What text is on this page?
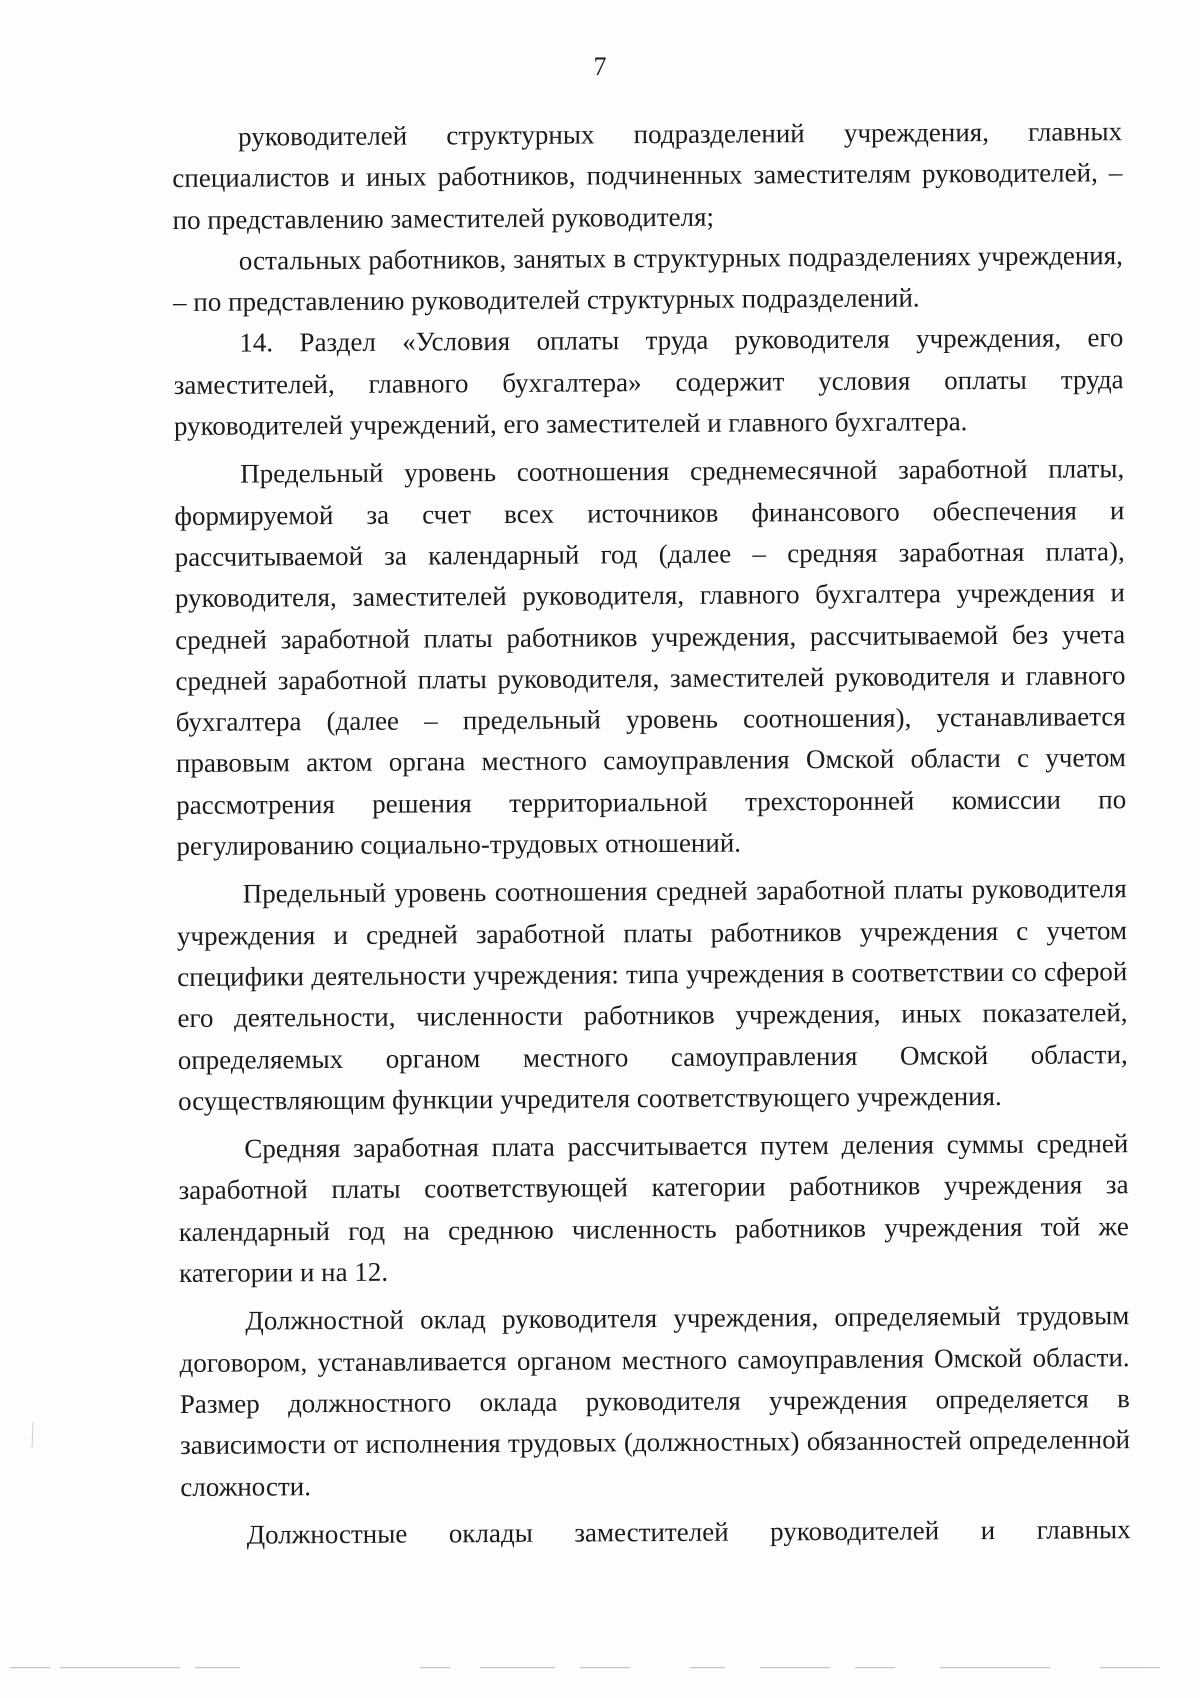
7

руководителей структурных подразделений учреждения, главных специалистов и иных работников, подчиненных заместителям руководителей, – по представлению заместителей руководителя;

остальных работников, занятых в структурных подразделениях учреждения, – по представлению руководителей структурных подразделений.

14. Раздел «Условия оплаты труда руководителя учреждения, его заместителей, главного бухгалтера» содержит условия оплаты труда руководителей учреждений, его заместителей и главного бухгалтера.

Предельный уровень соотношения среднемесячной заработной платы, формируемой за счет всех источников финансового обеспечения и рассчитываемой за календарный год (далее – средняя заработная плата), руководителя, заместителей руководителя, главного бухгалтера учреждения и средней заработной платы работников учреждения, рассчитываемой без учета средней заработной платы руководителя, заместителей руководителя и главного бухгалтера (далее – предельный уровень соотношения), устанавливается правовым актом органа местного самоуправления Омской области с учетом рассмотрения решения территориальной трехсторонней комиссии по регулированию социально-трудовых отношений.

Предельный уровень соотношения средней заработной платы руководителя учреждения и средней заработной платы работников учреждения с учетом специфики деятельности учреждения: типа учреждения в соответствии со сферой его деятельности, численности работников учреждения, иных показателей, определяемых органом местного самоуправления Омской области, осуществляющим функции учредителя соответствующего учреждения.

Средняя заработная плата рассчитывается путем деления суммы средней заработной платы соответствующей категории работников учреждения за календарный год на среднюю численность работников учреждения той же категории и на 12.

Должностной оклад руководителя учреждения, определяемый трудовым договором, устанавливается органом местного самоуправления Омской области. Размер должностного оклада руководителя учреждения определяется в зависимости от исполнения трудовых (должностных) обязанностей определенной сложности.

Должностные оклады заместителей руководителей и главных
